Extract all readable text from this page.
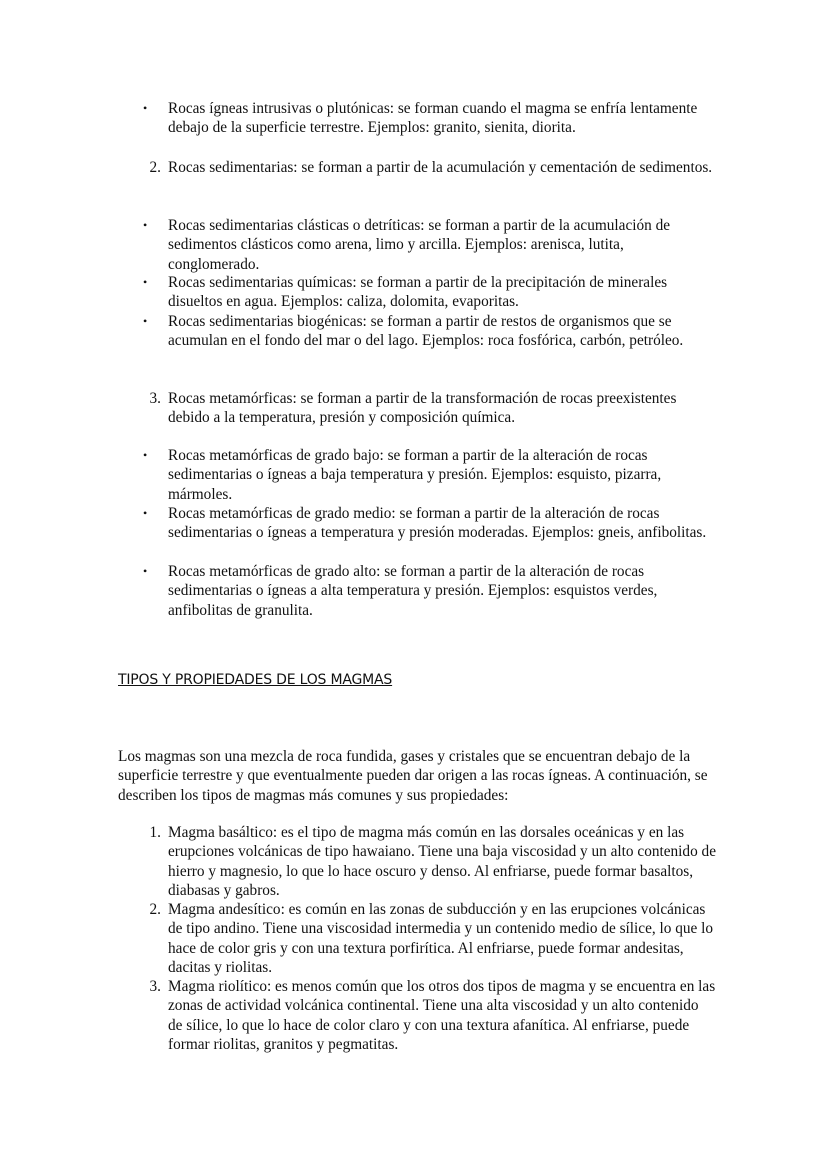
• Rocas ígneas intrusivas o plutónicas: se forman cuando el magma se enfría lentamente debajo de la superficie terrestre. Ejemplos: granito, sienita, diorita.
2. Rocas sedimentarias: se forman a partir de la acumulación y cementación de sedimentos.
• Rocas sedimentarias clásticas o detríticas: se forman a partir de la acumulación de sedimentos clásticos como arena, limo y arcilla. Ejemplos: arenisca, lutita, conglomerado.
• Rocas sedimentarias químicas: se forman a partir de la precipitación de minerales disueltos en agua. Ejemplos: caliza, dolomita, evaporitas.
• Rocas sedimentarias biogénicas: se forman a partir de restos de organismos que se acumulan en el fondo del mar o del lago. Ejemplos: roca fosfórica, carbón, petróleo.
3. Rocas metamórficas: se forman a partir de la transformación de rocas preexistentes debido a la temperatura, presión y composición química.
• Rocas metamórficas de grado bajo: se forman a partir de la alteración de rocas sedimentarias o ígneas a baja temperatura y presión. Ejemplos: esquisto, pizarra, mármoles.
• Rocas metamórficas de grado medio: se forman a partir de la alteración de rocas sedimentarias o ígneas a temperatura y presión moderadas. Ejemplos: gneis, anfibolitas.
• Rocas metamórficas de grado alto: se forman a partir de la alteración de rocas sedimentarias o ígneas a alta temperatura y presión. Ejemplos: esquistos verdes, anfibolitas de granulita.
TIPOS Y PROPIEDADES DE LOS MAGMAS
Los magmas son una mezcla de roca fundida, gases y cristales que se encuentran debajo de la superficie terrestre y que eventualmente pueden dar origen a las rocas ígneas. A continuación, se describen los tipos de magmas más comunes y sus propiedades:
1. Magma basáltico: es el tipo de magma más común en las dorsales oceánicas y en las erupciones volcánicas de tipo hawaiano. Tiene una baja viscosidad y un alto contenido de hierro y magnesio, lo que lo hace oscuro y denso. Al enfriarse, puede formar basaltos, diabasas y gabros.
2. Magma andesítico: es común en las zonas de subducción y en las erupciones volcánicas de tipo andino. Tiene una viscosidad intermedia y un contenido medio de sílice, lo que lo hace de color gris y con una textura porfirítica. Al enfriarse, puede formar andesitas, dacitas y riolitas.
3. Magma riolítico: es menos común que los otros dos tipos de magma y se encuentra en las zonas de actividad volcánica continental. Tiene una alta viscosidad y un alto contenido de sílice, lo que lo hace de color claro y con una textura afanítica. Al enfriarse, puede formar riolitas, granitos y pegmatitas.
